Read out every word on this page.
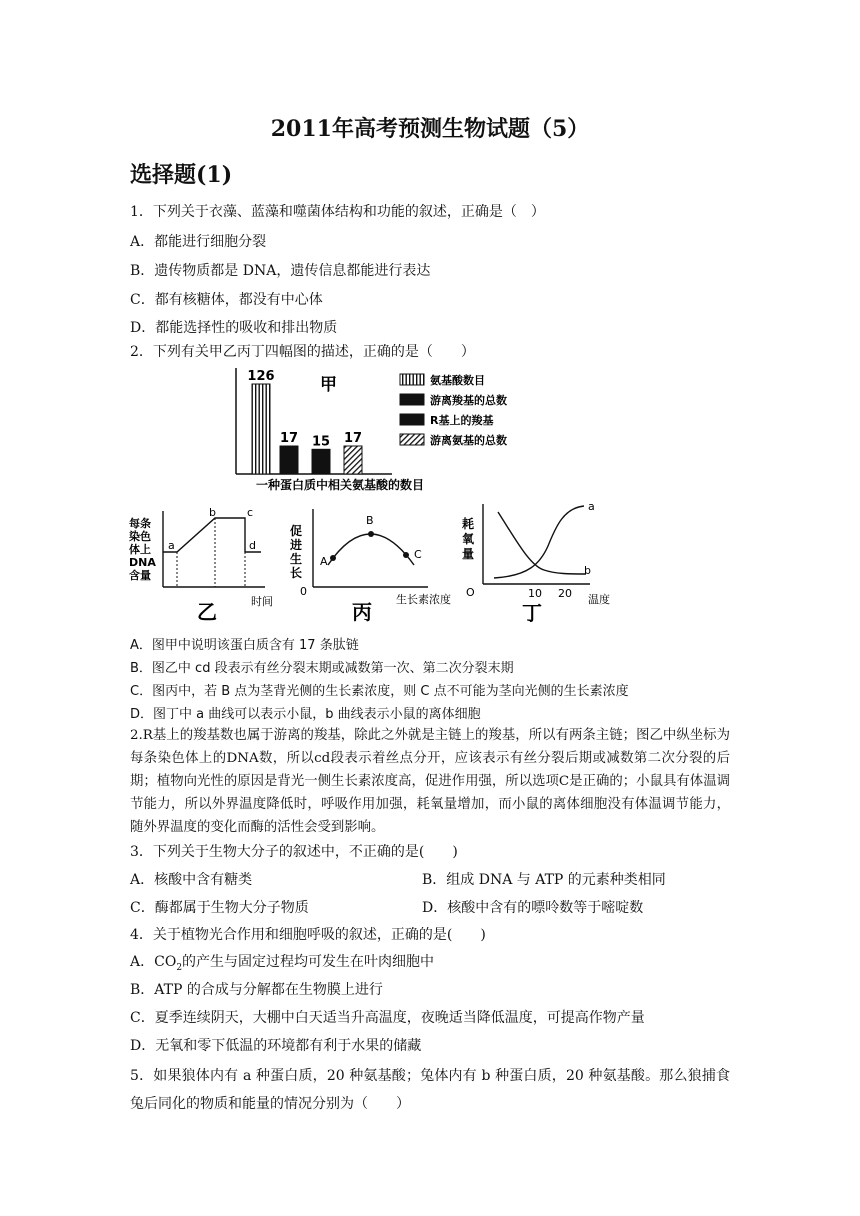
2011年高考预测生物试题（5）
选择题(1)
1．下列关于衣藻、蓝藻和噬菌体结构和功能的叙述，正确是（　）
A．都能进行细胞分裂
B．遗传物质都是 DNA，遗传信息都能进行表达
C．都有核糖体，都没有中心体
D．都能选择性的吸收和排出物质
2．下列有关甲乙丙丁四幅图的描述，正确的是（　　）
126
17 15 17
甲	氨基酸数目
游离羧基的总数
R基上的羧基
游离氨基的总数
一种蛋白质中相关氨基酸的数目
每条
染色
体上
DNA
含量
a
b	c
d
乙	时间
促
进
生
长
A
B
C
0
丙
生长素浓度
耗
氧
量
a
b
O	10 20 温度
丁
A．图甲中说明该蛋白质含有 17 条肽链
B．图乙中 cd 段表示有丝分裂末期或减数第一次、第二次分裂末期
C．图丙中，若 B 点为茎背光侧的生长素浓度，则 C 点不可能为茎向光侧的生长素浓度
D．图丁中 a 曲线可以表示小鼠，b 曲线表示小鼠的离体细胞
2.R基上的羧基数也属于游离的羧基，除此之外就是主链上的羧基，所以有两条主链；图乙中纵坐标为每条染色体上的DNA数，所以cd段表示着丝点分开，应该表示有丝分裂后期或减数第二次分裂的后期；植物向光性的原因是背光一侧生长素浓度高，促进作用强，所以选项C是正确的；小鼠具有体温调节能力，所以外界温度降低时，呼吸作用加强，耗氧量增加，而小鼠的离体细胞没有体温调节能力，随外界温度的变化而酶的活性会受到影响。
3．下列关于生物大分子的叙述中，不正确的是(　　)
A．核酸中含有糖类	B．组成 DNA 与 ATP 的元素种类相同
C．酶都属于生物大分子物质	D．核酸中含有的嘌呤数等于嘧啶数
4．关于植物光合作用和细胞呼吸的叙述，正确的是(　　)
A．$CO_2$的产生与固定过程均可发生在叶肉细胞中
B．ATP 的合成与分解都在生物膜上进行
C．夏季连续阴天，大棚中白天适当升高温度，夜晚适当降低温度，可提高作物产量
D．无氧和零下低温的环境都有利于水果的储藏
5．如果狼体内有 a 种蛋白质，20 种氨基酸；兔体内有 b 种蛋白质，20 种氨基酸。那么狼捕食兔后同化的物质和能量的情况分别为（　　）
